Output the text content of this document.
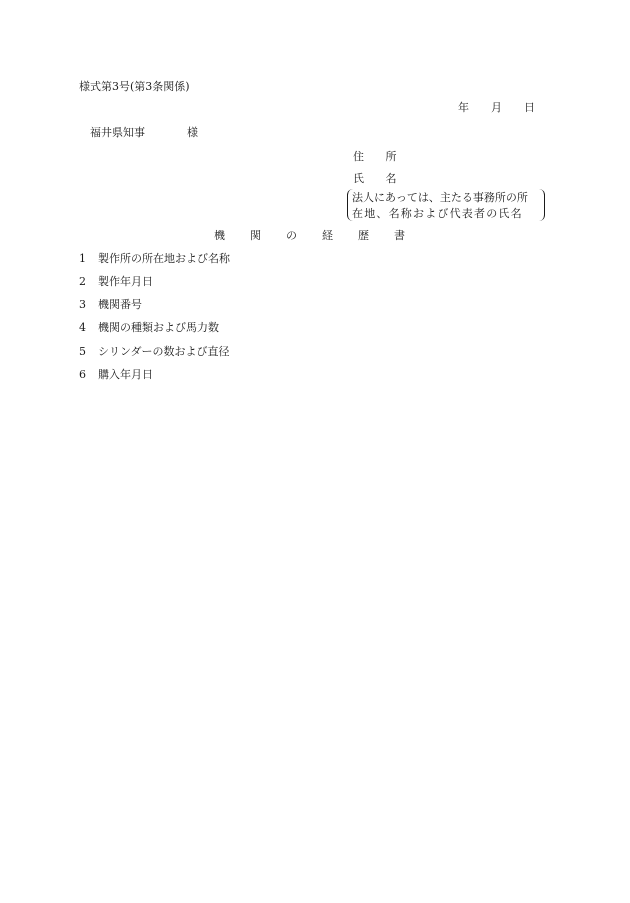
様式第3号(第3条関係)
年 月 日
福井県知事	様
住 所
氏 名
法人にあっては、主たる事務所の所
在地、名称および代表者の氏名
機 関 の 経 歴 書
1 製作所の所在地および名称
2 製作年月日
3 機関番号
4 機関の種類および馬力数
5 シリンダーの数および直径
6 購入年月日
